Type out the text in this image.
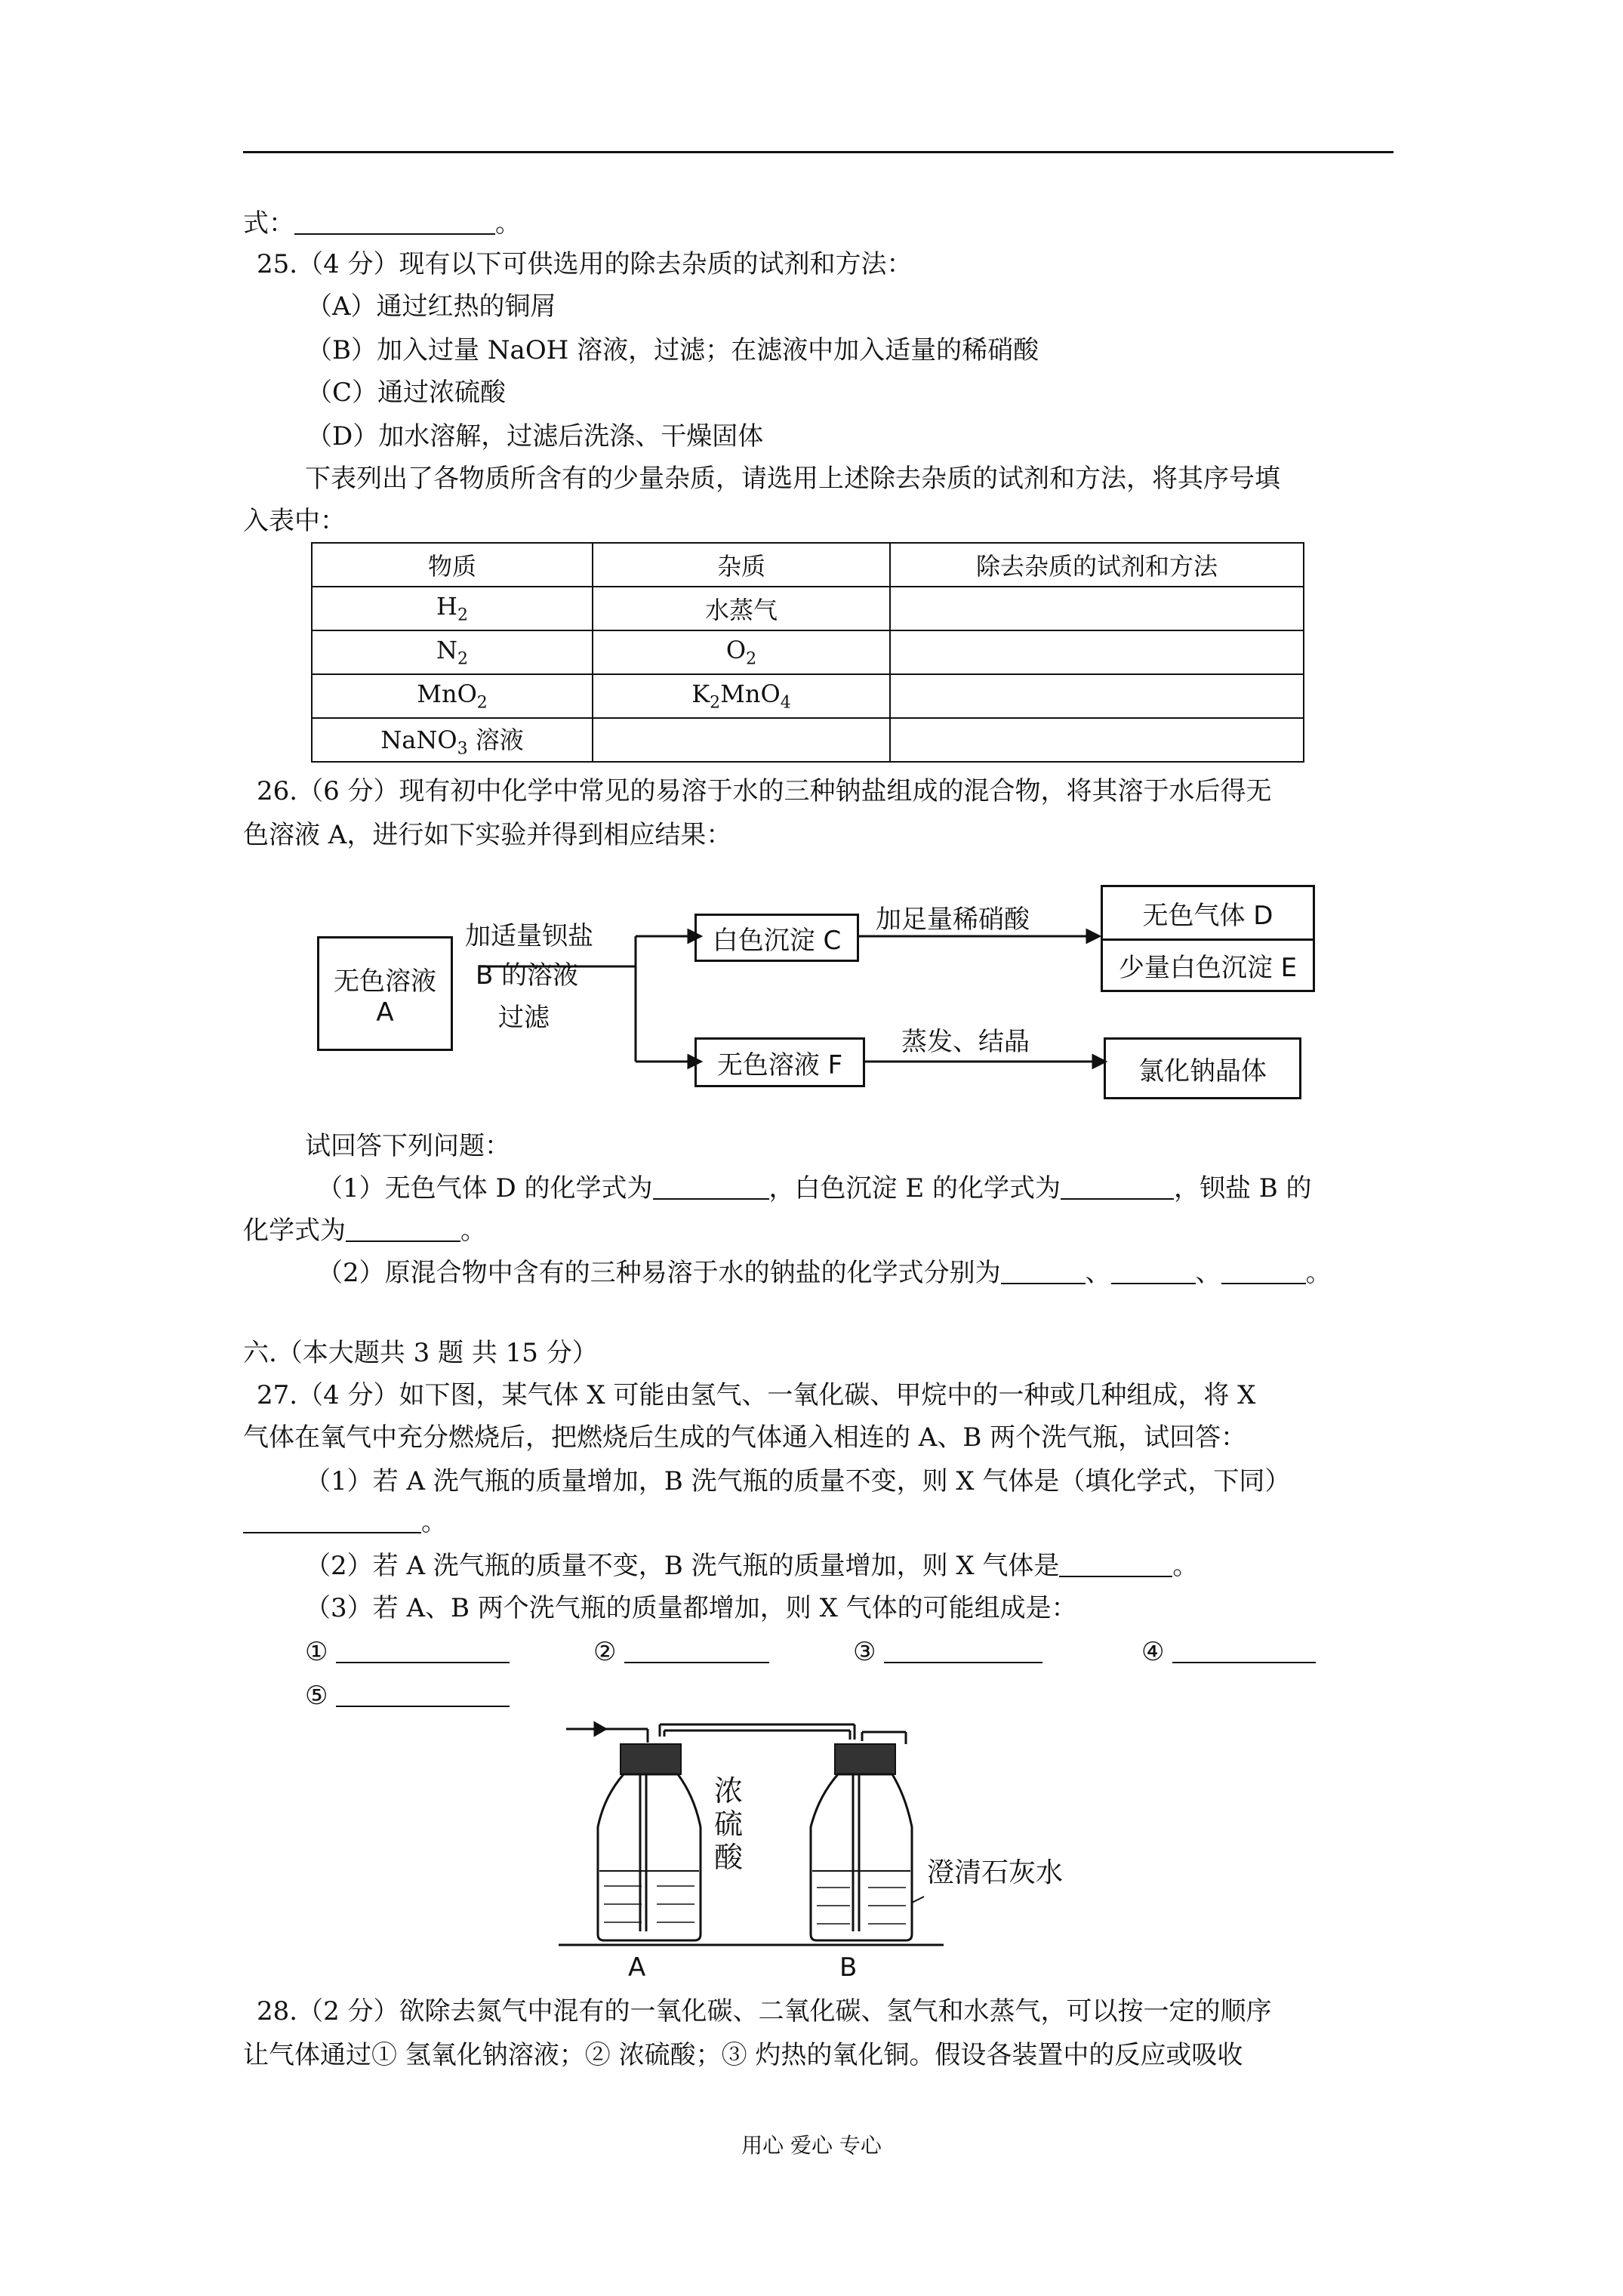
式：	。
25.（4 分）现有以下可供选用的除去杂质的试剂和方法：
（A）通过红热的铜屑
（B）加入过量 NaOH 溶液，过滤；在滤液中加入适量的稀硝酸
（C）通过浓硫酸
（D）加水溶解，过滤后洗涤、干燥固体
下表列出了各物质所含有的少量杂质，请选用上述除去杂质的试剂和方法，将其序号填
入表中：
物质	杂质	除去杂质的试剂和方法
$H_2$	水蒸气	
$N_2$	$O_2$	
MnO$_2$	$K_2MnO_4$	
NaNO$_3$ 溶液		
26.（6 分）现有初中化学中常见的易溶于水的三种钠盐组成的混合物，将其溶于水后得无
色溶液 A，进行如下实验并得到相应结果：
无色溶液
A
加适量钡盐
B 的溶液
过滤
白色沉淀 C
加足量稀硝酸	无色气体 D
少量白色沉淀 E
无色溶液 F
蒸发、结晶
氯化钠晶体
试回答下列问题：
（1）无色气体 D 的化学式为	，白色沉淀 E 的化学式为	，钡盐 B 的
化学式为	。
（2）原混合物中含有的三种易溶于水的钠盐的化学式分别为	、	、	。
六.（本大题共 3 题 共 15 分）
27.（4 分）如下图，某气体 X 可能由氢气、一氧化碳、甲烷中的一种或几种组成，将 X
气体在氧气中充分燃烧后，把燃烧后生成的气体通入相连的 A、B 两个洗气瓶，试回答：
（1）若 A 洗气瓶的质量增加，B 洗气瓶的质量不变，则 X 气体是（填化学式，下同）
。
（2）若 A 洗气瓶的质量不变，B 洗气瓶的质量增加，则 X 气体是	。
（3）若 A、B 两个洗气瓶的质量都增加，则 X 气体的可能组成是：
①	②	③	④
⑤
浓
硫
酸	澄清石灰水
A	B
28.（2 分）欲除去氮气中混有的一氧化碳、二氧化碳、氢气和水蒸气，可以按一定的顺序
让气体通过① 氢氧化钠溶液；② 浓硫酸；③ 灼热的氧化铜。假设各装置中的反应或吸收
用心 爱心 专心
